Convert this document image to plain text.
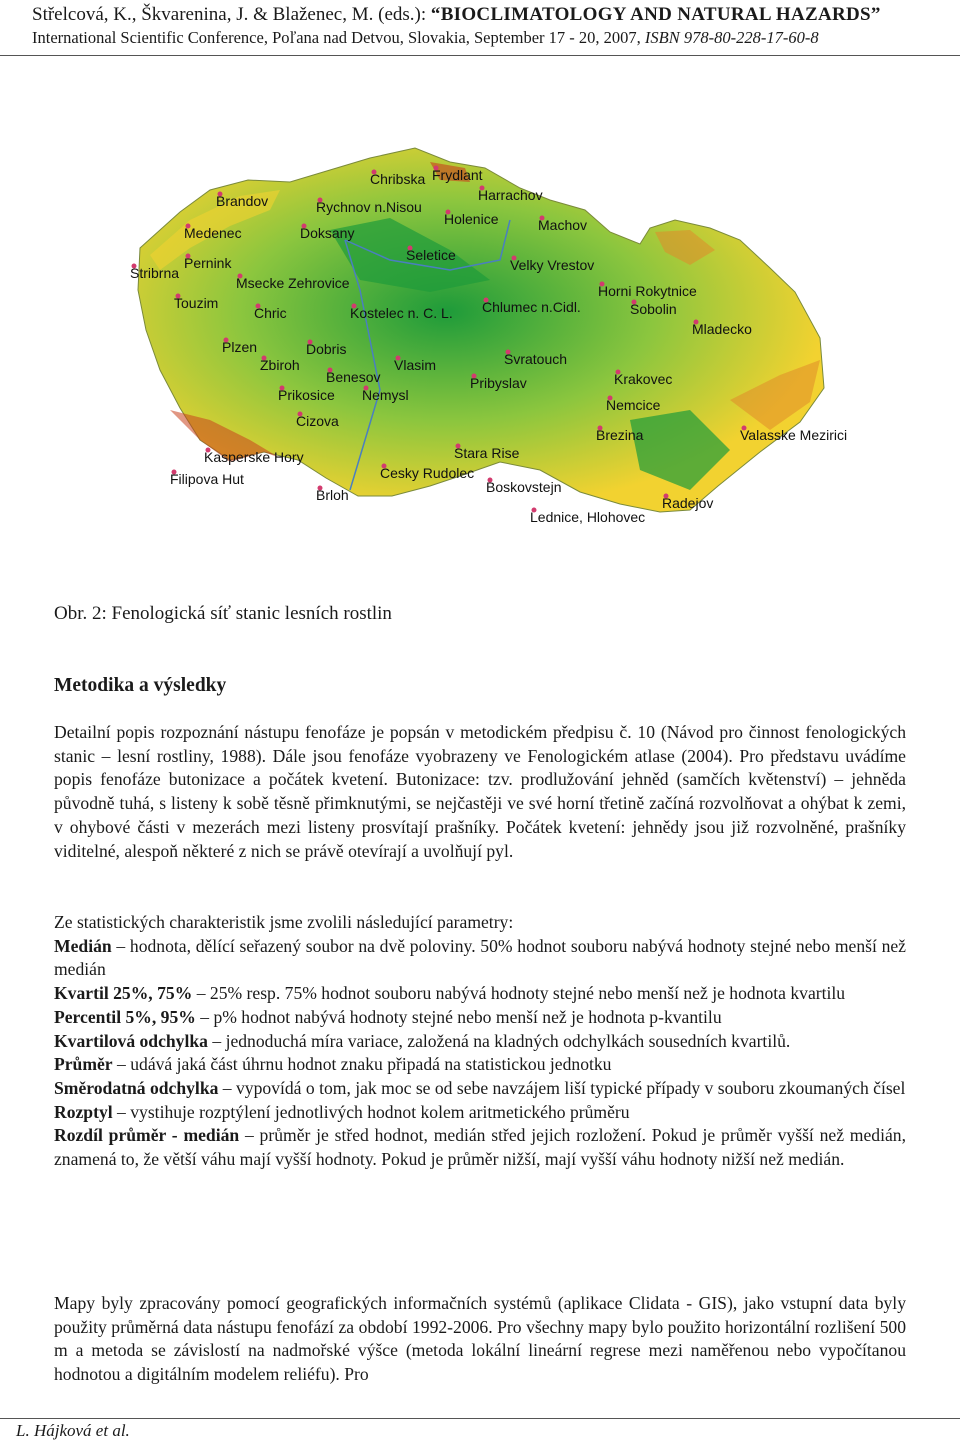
Střelcová, K., Škvarenina, J. & Blaženec, M. (eds.): “BIOCLIMATOLOGY AND NATURAL HAZARDS”
International Scientific Conference, Poľana nad Detvou, Slovakia, September 17 - 20, 2007, ISBN 978-80-228-17-60-8
Chribska Frydlant
Harrachov
Brandov	Rychnov n.Nisou
Holenice	Machov
Medenec	Doksany
Seletice
Velky Vrestov
Stribrna
Pernink
Msecke Zehrovice	Horni Rokytnice
Touzim
Chric	Kostelec n. C. L. Chlumec n.Cidl.	Sobolin
Mladecko
Plzen	Dobris
Zbiroh	Vlasim	Svratouch
Benesov	Krakovec
Pribyslav
Prikosice Nemysl
Nemcice
Cizova
Brezina	Valasske Mezirici
Kasperske Hory	Stara Rise
Filipova Hut	Cesky Rudolec
Boskovstejn
Brloh	Radejov
Lednice, Hlohovec
Obr. 2: Fenologická síť stanic lesních rostlin
Metodika a výsledky

Detailní popis rozpoznání nástupu fenofáze je popsán v metodickém předpisu č. 10 (Návod pro činnost fenologických stanic – lesní rostliny, 1988). Dále jsou fenofáze vyobrazeny ve Fenologickém atlase (2004). Pro představu uvádíme popis fenofáze butonizace a počátek kvetení. Butonizace: tzv. prodlužování jehněd (samčích květenství) – jehněda původně tuhá, s listeny k sobě těsně přimknutými, se nejčastěji ve své horní třetině začíná rozvolňovat a ohýbat k zemi, v ohybové části v mezerách mezi listeny prosvítají prašníky. Počátek kvetení: jehnědy jsou již rozvolněné, prašníky viditelné, alespoň některé z nich se právě otevírají a uvolňují pyl.

Ze statistických charakteristik jsme zvolili následující parametry:
Medián – hodnota, dělící seřazený soubor na dvě poloviny. 50% hodnot souboru nabývá hodnoty stejné nebo menší než medián
Kvartil 25%, 75% – 25% resp. 75% hodnot souboru nabývá hodnoty stejné nebo menší než je hodnota kvartilu
Percentil 5%, 95% – p% hodnot nabývá hodnoty stejné nebo menší než je hodnota p-kvantilu
Kvartilová odchylka – jednoduchá míra variace, založená na kladných odchylkách sousedních kvartilů.
Průměr – udává jaká část úhrnu hodnot znaku připadá na statistickou jednotku
Směrodatná odchylka – vypovídá o tom, jak moc se od sebe navzájem liší typické případy v souboru zkoumaných čísel
Rozptyl – vystihuje rozptýlení jednotlivých hodnot kolem aritmetického průměru
Rozdíl průměr - medián – průměr je střed hodnot, medián střed jejich rozložení. Pokud je průměr vyšší než medián, znamená to, že větší váhu mají vyšší hodnoty. Pokud je průměr nižší, mají vyšší váhu hodnoty nižší než medián.

Mapy byly zpracovány pomocí geografických informačních systémů (aplikace Clidata - GIS), jako vstupní data byly použity průměrná data nástupu fenofází za období 1992-2006. Pro všechny mapy bylo použito horizontální rozlišení 500 m a metoda se závislostí na nadmořské výšce (metoda lokální lineární regrese mezi naměřenou nebo vypočítanou hodnotou a digitálním modelem reliéfu). Pro

L. Hájková et al.
